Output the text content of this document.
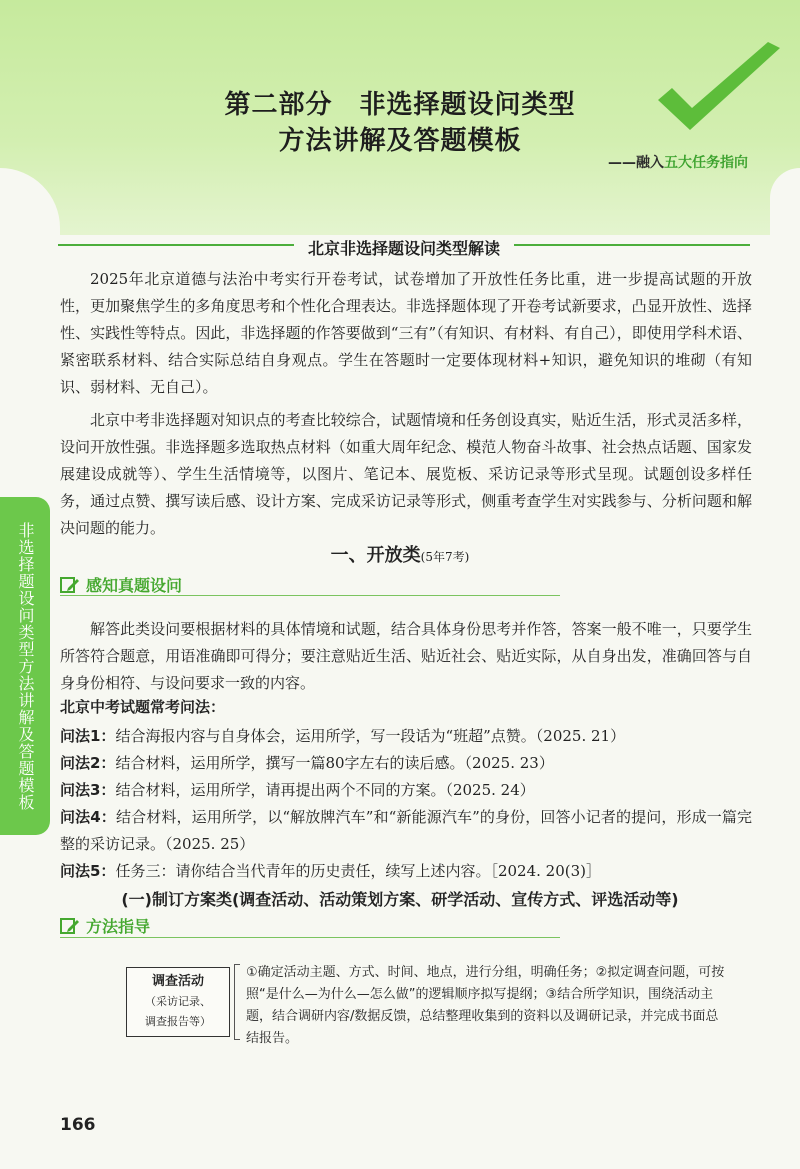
第二部分　非选择题设问类型
方法讲解及答题模板
——融入五大任务指向
北京非选择题设问类型解读

2025年北京道德与法治中考实行开卷考试，试卷增加了开放性任务比重，进一步提高试题的开放性，更加聚焦学生的多角度思考和个性化合理表达。非选择题体现了开卷考试新要求，凸显开放性、选择性、实践性等特点。因此，非选择题的作答要做到“三有”（有知识、有材料、有自己），即使用学科术语、紧密联系材料、结合实际总结自身观点。学生在答题时一定要体现材料+知识，避免知识的堆砌（有知识、弱材料、无自己）。

北京中考非选择题对知识点的考查比较综合，试题情境和任务创设真实，贴近生活，形式灵活多样，设问开放性强。非选择题多选取热点材料（如重大周年纪念、模范人物奋斗故事、社会热点话题、国家发展建设成就等）、学生生活情境等，以图片、笔记本、展览板、采访记录等形式呈现。试题创设多样任务，通过点赞、撰写读后感、设计方案、完成采访记录等形式，侧重考查学生对实践参与、分析问题和解决问题的能力。

非选择题设问类型方法讲解及答题模板	一、开放类(5年7考)
感知真题设问

解答此类设问要根据材料的具体情境和试题，结合具体身份思考并作答，答案一般不唯一，只要学生所答符合题意，用语准确即可得分；要注意贴近生活、贴近社会、贴近实际，从自身出发，准确回答与自身身份相符、与设问要求一致的内容。

北京中考试题常考问法：
问法1：结合海报内容与自身体会，运用所学，写一段话为“班超”点赞。（2025. 21）
问法2：结合材料，运用所学，撰写一篇80字左右的读后感。（2025. 23）
问法3：结合材料，运用所学，请再提出两个不同的方案。（2025. 24）
问法4：结合材料，运用所学，以“解放牌汽车”和“新能源汽车”的身份，回答小记者的提问，形成一篇完整的采访记录。（2025. 25）
问法5：任务三：请你结合当代青年的历史责任，续写上述内容。［2024. 20(3)］
(一)制订方案类(调查活动、活动策划方案、研学活动、宣传方式、评选活动等)
方法指导
调查活动
（采访记录、
调查报告等）
①确定活动主题、方式、时间、地点，进行分组，明确任务；②拟定调查问题，可按照“是什么—为什么—怎么做”的逻辑顺序拟写提纲；③结合所学知识，围绕活动主题，结合调研内容/数据反馈，总结整理收集到的资料以及调研记录，并完成书面总结报告。
166
